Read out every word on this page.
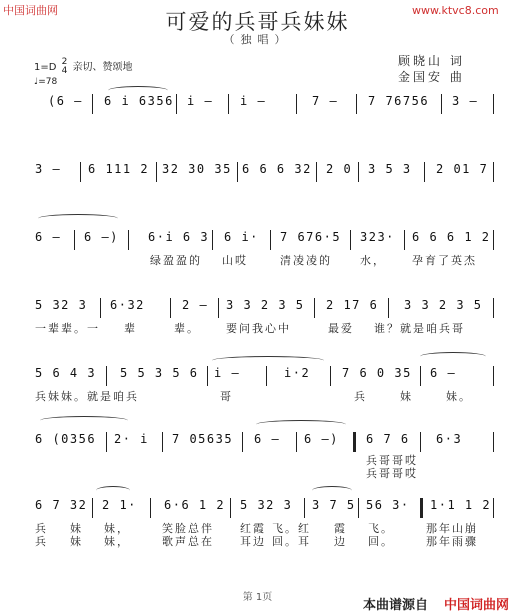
中国词曲网	www.ktvc8.com
可爱的兵哥兵妹妹
（独唱）
顾晓山 词
金国安 曲
1=D 2
4 亲切、赞颂地
♩=78
(6 – 6 i 6356 i – i –	7 – 7 76756 3 –
3 – 6 111 2 32 30 35 6 6 6 32 2 0 3 5 3 2 01 7
6 – 6 –) 6·i 6 3 6 i· 7 676·5 323· 6 6 6 1 2
绿盈盈的 山哎	清凌凌的	水， 孕育了英杰
5 32 3 6·32	2 – 3 3 2 3 5 2 17 6 3 3 2 3 5
一辈辈。一 辈	辈。 要问我心中	最爱 谁？就是咱兵哥
5 6 4 3 5 5 3 5 6 i –	i·2	7 6 0 35 6 –
兵妹妹。就是咱兵	哥	兵	妹	妹。
6 (0356 2· i 7 05635 6 – 6 –) 6 7 6 6·3
兵哥哥哎
兵哥哥哎
6 7 32 2 1· 6·6 1 2 5 32 3 3 7 5 56 3· 1·1 1 2
兵 妹 妹，	笑脸总伴 红霞 飞。红 霞 飞。	那年山崩
兵 妹 妹，	歌声总在 耳边 回。耳 边 回。	那年雨骤
第 1页
本曲谱源自 中国词曲网
